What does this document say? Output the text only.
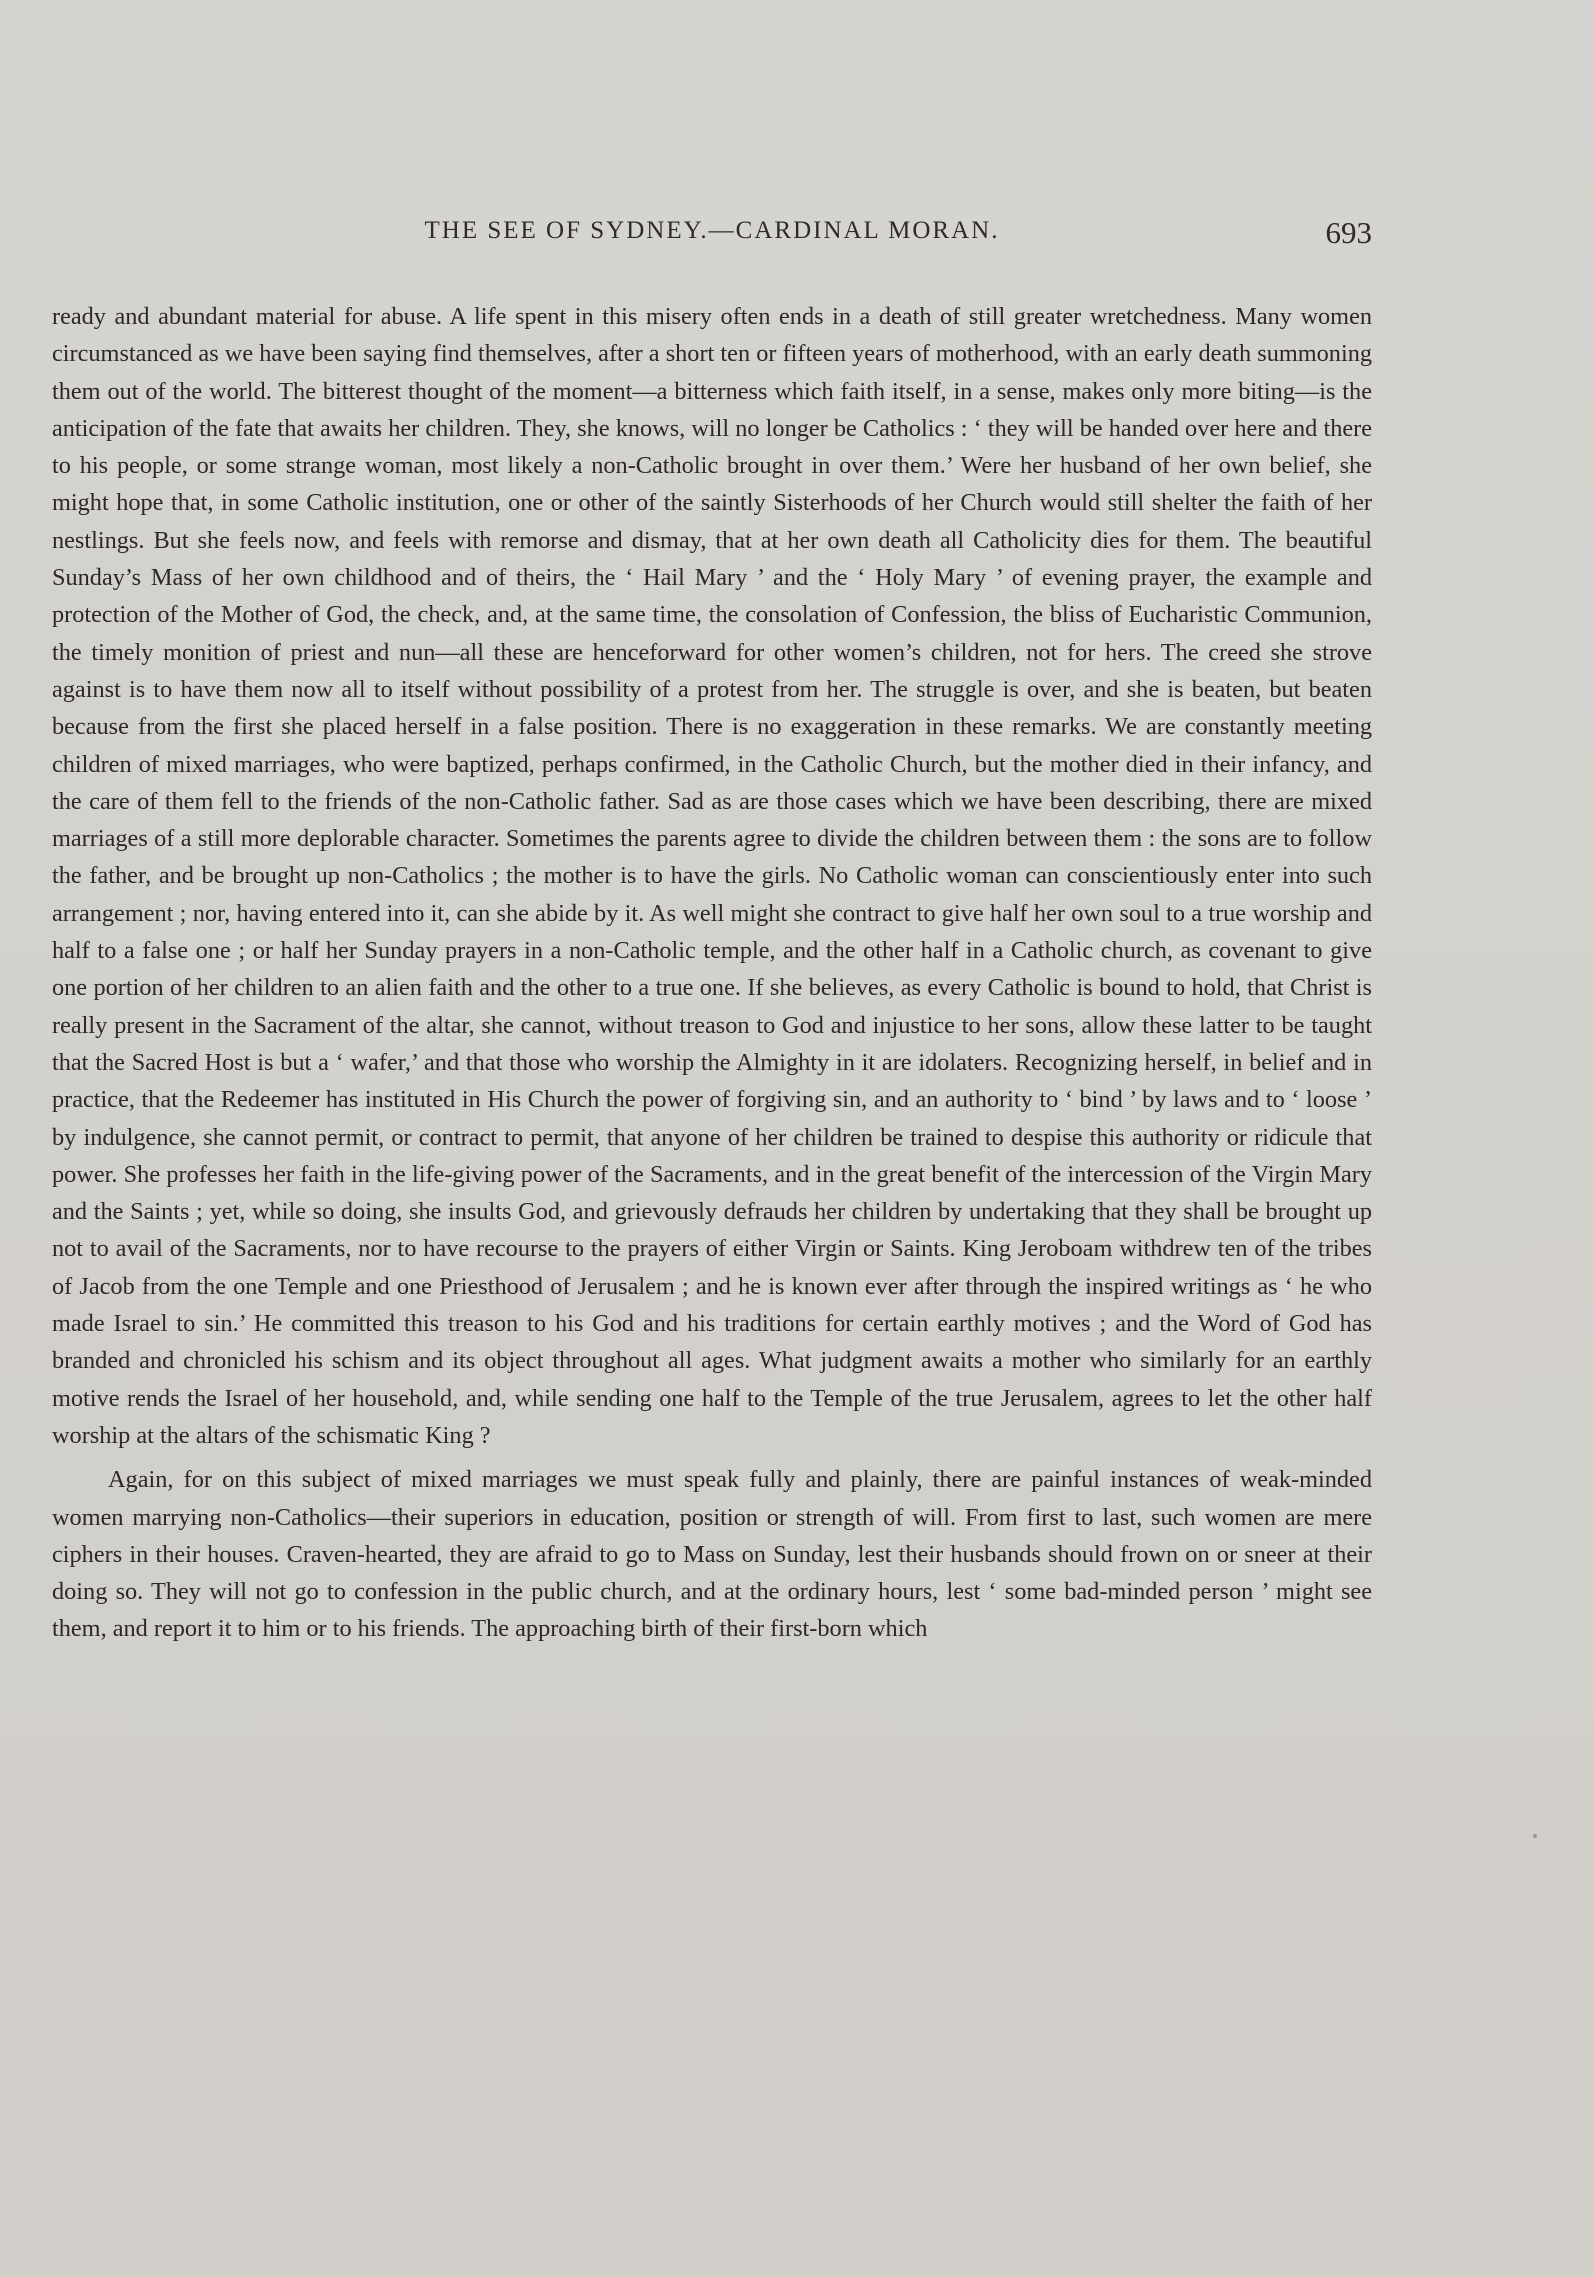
THE SEE OF SYDNEY.—CARDINAL MORAN.	693

ready and abundant material for abuse. A life spent in this misery often ends in a death of still greater wretchedness. Many women circumstanced as we have been saying find themselves, after a short ten or fifteen years of motherhood, with an early death summoning them out of the world. The bitterest thought of the moment—a bitterness which faith itself, in a sense, makes only more biting—is the anticipation of the fate that awaits her children. They, she knows, will no longer be Catholics : ‘ they will be handed over here and there to his people, or some strange woman, most likely a non-Catholic brought in over them.’ Were her husband of her own belief, she might hope that, in some Catholic institution, one or other of the saintly Sisterhoods of her Church would still shelter the faith of her nestlings. But she feels now, and feels with remorse and dismay, that at her own death all Catholicity dies for them. The beautiful Sunday’s Mass of her own childhood and of theirs, the ‘ Hail Mary ’ and the ‘ Holy Mary ’ of evening prayer, the example and protection of the Mother of God, the check, and, at the same time, the consolation of Confession, the bliss of Eucharistic Communion, the timely monition of priest and nun—all these are henceforward for other women’s children, not for hers. The creed she strove against is to have them now all to itself without possibility of a protest from her. The struggle is over, and she is beaten, but beaten because from the first she placed herself in a false position. There is no exaggeration in these remarks. We are constantly meeting children of mixed marriages, who were baptized, perhaps confirmed, in the Catholic Church, but the mother died in their infancy, and the care of them fell to the friends of the non-Catholic father. Sad as are those cases which we have been describing, there are mixed marriages of a still more deplorable character. Sometimes the parents agree to divide the children between them : the sons are to follow the father, and be brought up non-Catholics ; the mother is to have the girls. No Catholic woman can conscientiously enter into such arrangement ; nor, having entered into it, can she abide by it. As well might she contract to give half her own soul to a true worship and half to a false one ; or half her Sunday prayers in a non-Catholic temple, and the other half in a Catholic church, as covenant to give one portion of her children to an alien faith and the other to a true one. If she believes, as every Catholic is bound to hold, that Christ is really present in the Sacrament of the altar, she cannot, without treason to God and injustice to her sons, allow these latter to be taught that the Sacred Host is but a ‘ wafer,’ and that those who worship the Almighty in it are idolaters. Recognizing herself, in belief and in practice, that the Redeemer has instituted in His Church the power of forgiving sin, and an authority to ‘ bind ’ by laws and to ‘ loose ’ by indulgence, she cannot permit, or contract to permit, that anyone of her children be trained to despise this authority or ridicule that power. She professes her faith in the life-giving power of the Sacraments, and in the great benefit of the intercession of the Virgin Mary and the Saints ; yet, while so doing, she insults God, and grievously defrauds her children by undertaking that they shall be brought up not to avail of the Sacraments, nor to have recourse to the prayers of either Virgin or Saints. King Jeroboam withdrew ten of the tribes of Jacob from the one Temple and one Priesthood of Jerusalem ; and he is known ever after through the inspired writings as ‘ he who made Israel to sin.’ He committed this treason to his God and his traditions for certain earthly motives ; and the Word of God has branded and chronicled his schism and its object throughout all ages. What judgment awaits a mother who similarly for an earthly motive rends the Israel of her household, and, while sending one half to the Temple of the true Jerusalem, agrees to let the other half worship at the altars of the schismatic King ?

Again, for on this subject of mixed marriages we must speak fully and plainly, there are painful instances of weak-minded women marrying non-Catholics—their superiors in education, position or strength of will. From first to last, such women are mere ciphers in their houses. Craven-hearted, they are afraid to go to Mass on Sunday, lest their husbands should frown on or sneer at their doing so. They will not go to confession in the public church, and at the ordinary hours, lest ‘ some bad-minded person ’ might see them, and report it to him or to his friends. The approaching birth of their first-born which
